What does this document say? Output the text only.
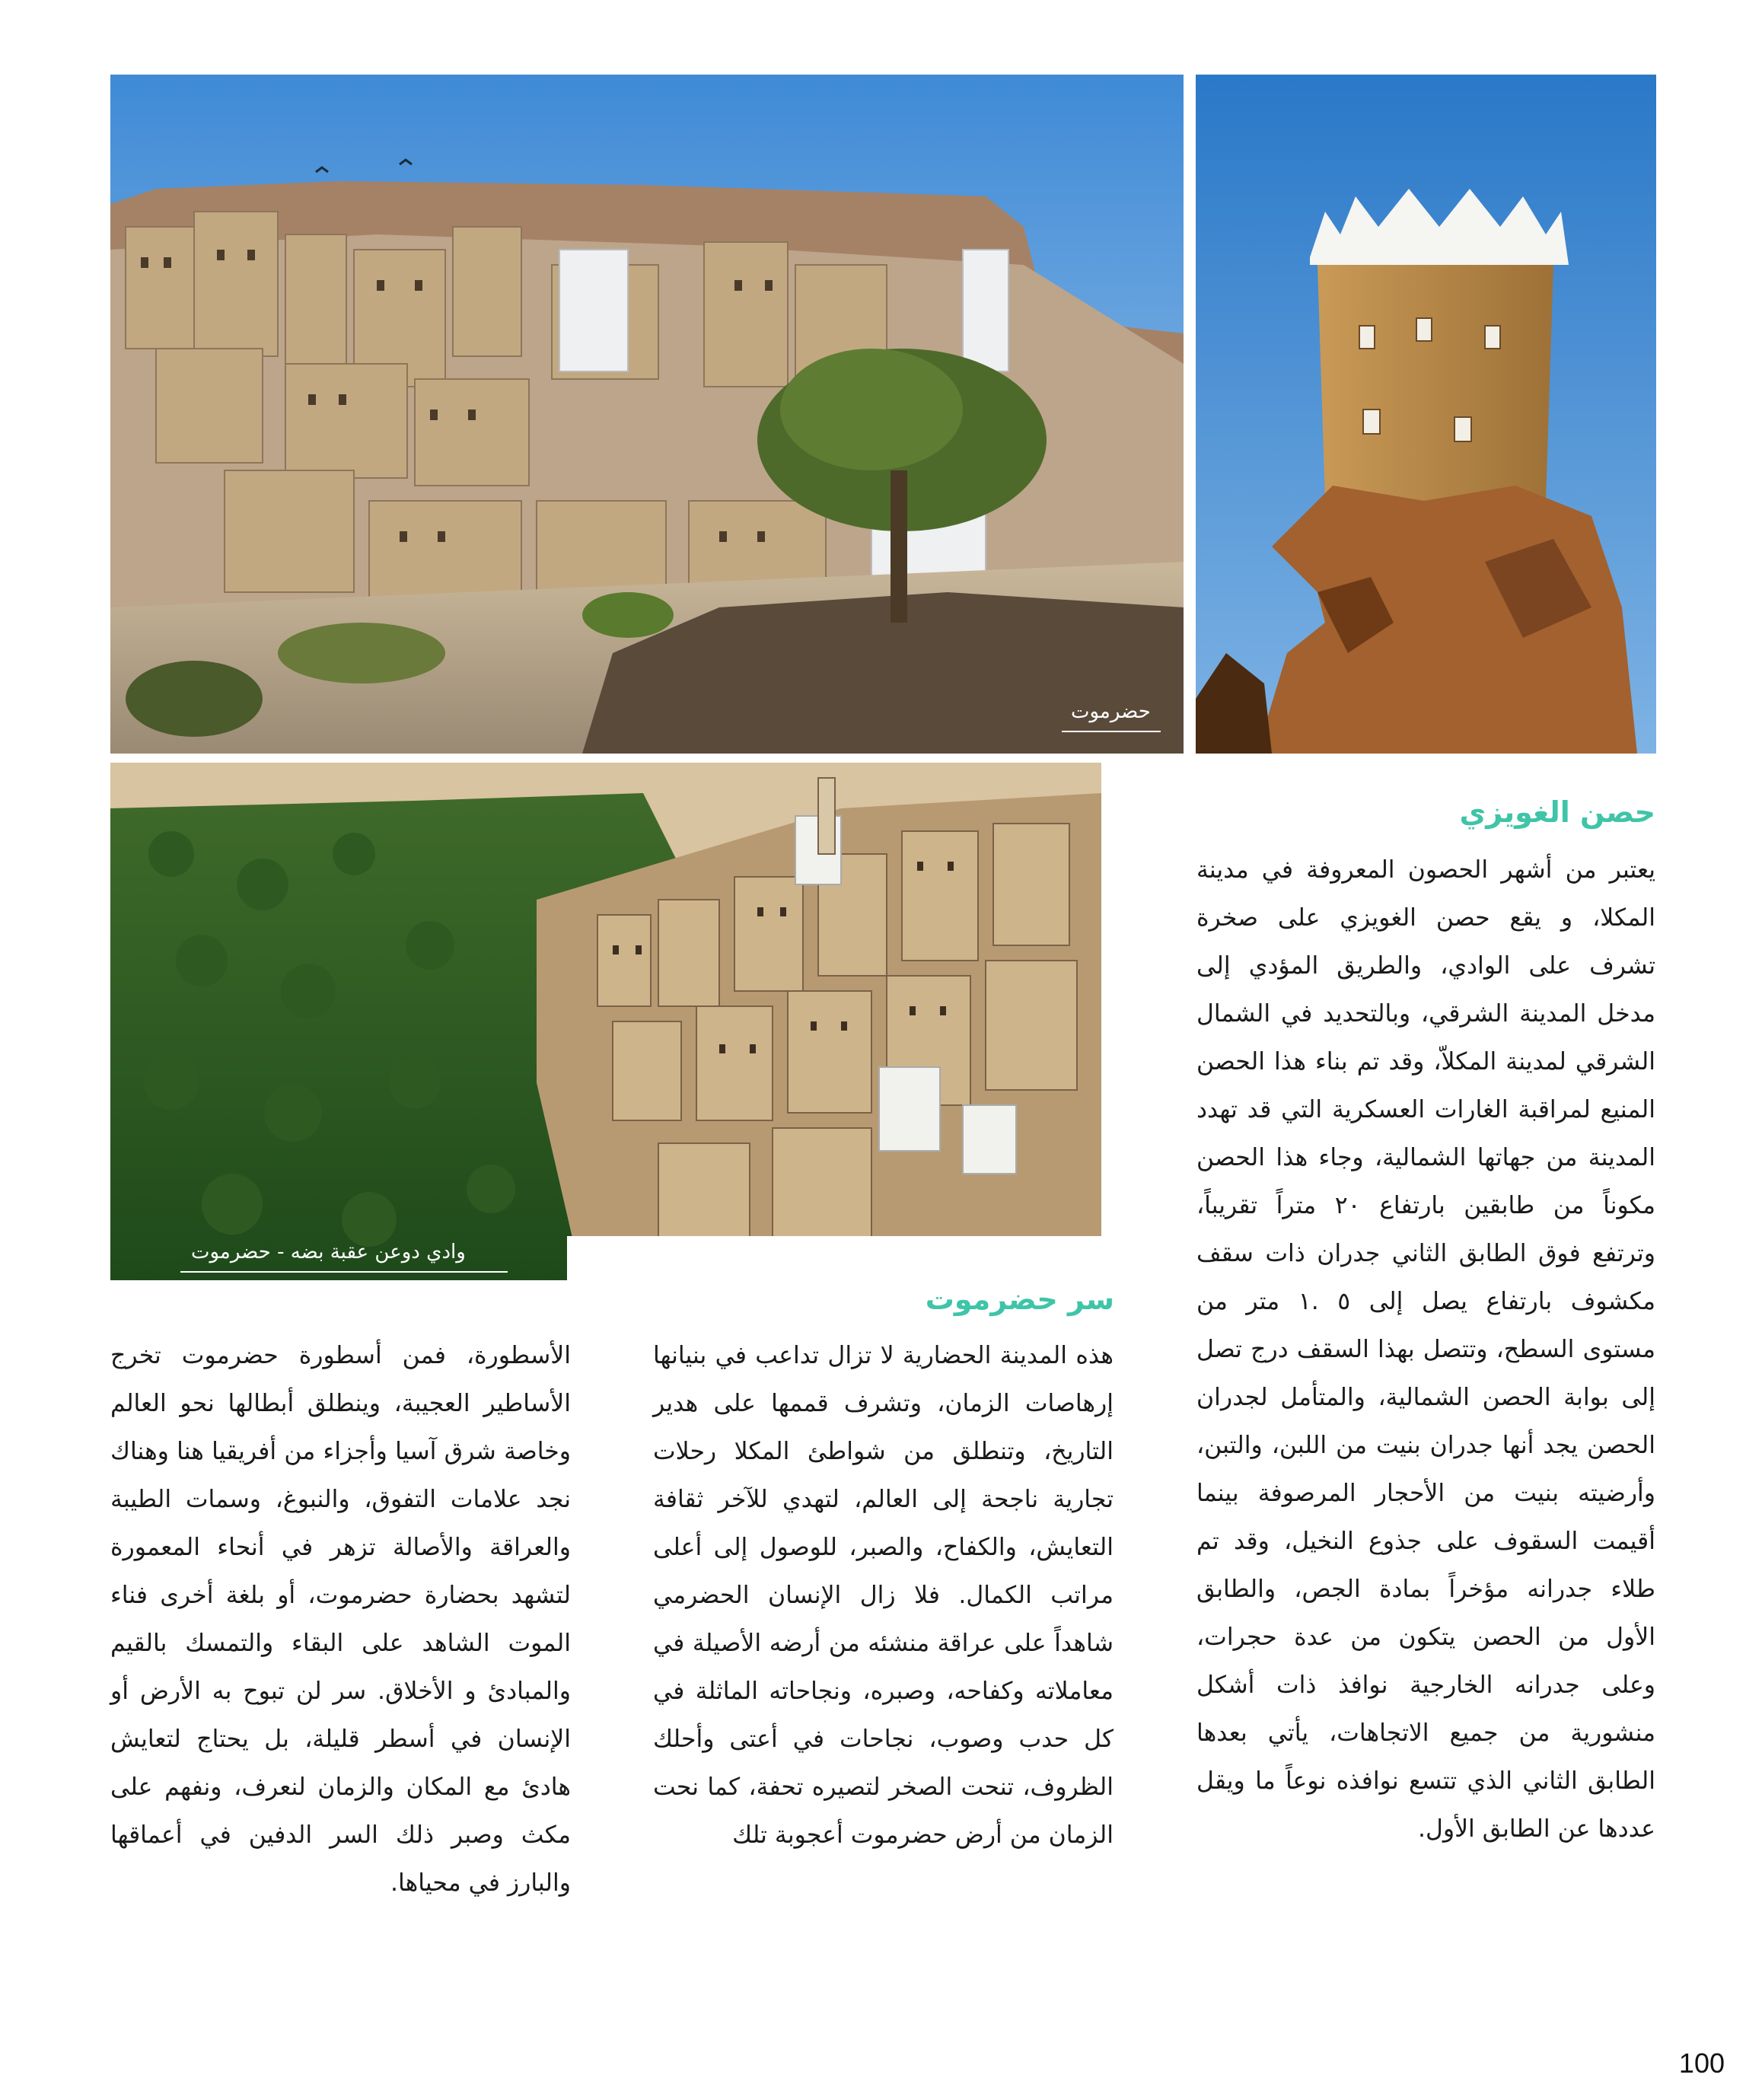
حضرموت
وادي دوعن عقبة بضه - حضرموت
حصن الغويزي
يعتبر من أشهر الحصون المعروفة في مدينة المكلا، و يقع حصن الغويزي على صخرة تشرف على الوادي، والطريق المؤدي إلى مدخل المدينة الشرقي، وبالتحديد في الشمال الشرقي لمدينة المكلاّ، وقد تم بناء هذا الحصن المنيع لمراقبة الغارات العسكرية التي قد تهدد المدينة من جهاتها الشمالية، وجاء هذا الحصن مكوناً من طابقين بارتفاع ٢٠ متراً تقريباً، وترتفع فوق الطابق الثاني جدران ذات سقف مكشوف بارتفاع يصل إلى ٥ .١ متر من مستوى السطح، وتتصل بهذا السقف درج تصل إلى بوابة الحصن الشمالية، والمتأمل لجدران الحصن يجد أنها جدران بنيت من اللبن، والتبن، وأرضيته بنيت من الأحجار المرصوفة بينما أقيمت السقوف على جذوع النخيل، وقد تم طلاء جدرانه مؤخراً بمادة الجص، والطابق الأول من الحصن يتكون من عدة حجرات، وعلى جدرانه الخارجية نوافذ ذات أشكل منشورية من جميع الاتجاهات، يأتي بعدها الطابق الثاني الذي تتسع نوافذه نوعاً ما ويقل عددها عن الطابق الأول.
سر حضرموت
هذه المدينة الحضارية لا تزال تداعب في بنيانها إرهاصات الزمان، وتشرف قممها على هدير التاريخ، وتنطلق من شواطئ المكلا رحلات تجارية ناجحة إلى العالم، لتهدي للآخر ثقافة التعايش، والكفاح، والصبر، للوصول إلى أعلى مراتب الكمال. فلا زال الإنسان الحضرمي شاهداً على عراقة منشئه من أرضه الأصيلة في معاملاته وكفاحه، وصبره، ونجاحاته الماثلة في كل حدب وصوب، نجاحات في أعتى وأحلك الظروف، تنحت الصخر لتصيره تحفة، كما نحت الزمان من أرض حضرموت أعجوبة تلك
الأسطورة، فمن أسطورة حضرموت تخرج الأساطير العجيبة، وينطلق أبطالها نحو العالم وخاصة شرق آسيا وأجزاء من أفريقيا هنا وهناك نجد علامات التفوق، والنبوغ، وسمات الطيبة والعراقة والأصالة تزهر في أنحاء المعمورة لتشهد بحضارة حضرموت، أو بلغة أخرى فناء الموت الشاهد على البقاء والتمسك بالقيم والمبادئ و الأخلاق. سر لن تبوح به الأرض أو الإنسان في أسطر قليلة، بل يحتاج لتعايش هادئ مع المكان والزمان لنعرف، ونفهم على مكث وصبر ذلك السر الدفين في أعماقها والبارز في محياها.
100
